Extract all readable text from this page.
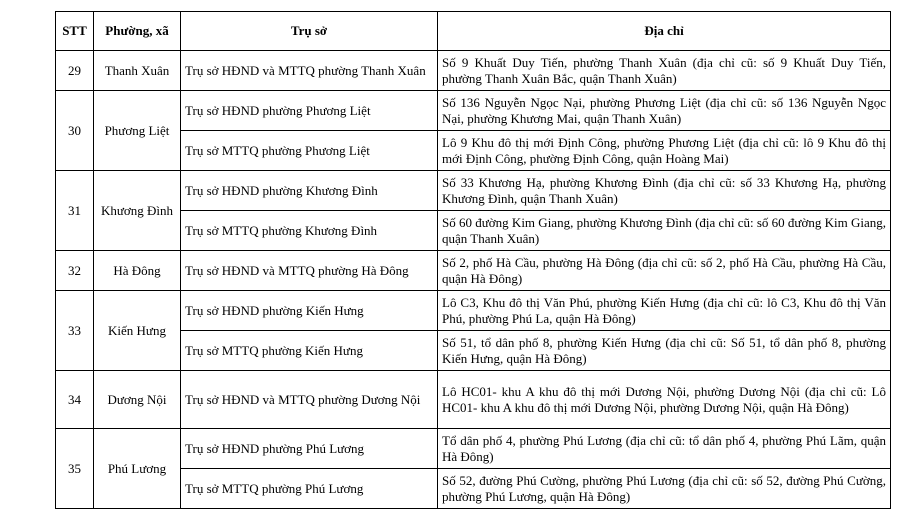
STT	Phường, xã	Trụ sở	Địa chỉ
29	Thanh Xuân	Trụ sở HĐND và MTTQ phường Thanh Xuân	Số 9 Khuất Duy Tiến, phường Thanh Xuân (địa chỉ cũ: số 9 Khuất Duy Tiến, phường Thanh Xuân Bắc, quận Thanh Xuân)
30	Phương Liệt	Trụ sở HĐND phường Phương Liệt	Số 136 Nguyễn Ngọc Nại, phường Phương Liệt (địa chỉ cũ: số 136 Nguyễn Ngọc Nại, phường Khương Mai, quận Thanh Xuân)
		Trụ sở MTTQ phường Phương Liệt	Lô 9 Khu đô thị mới Định Công, phường Phương Liệt (địa chỉ cũ: lô 9 Khu đô thị mới Định Công, phường Định Công, quận Hoàng Mai)
31	Khương Đình	Trụ sở HĐND phường Khương Đình	Số 33 Khương Hạ, phường Khương Đình (địa chỉ cũ: số 33 Khương Hạ, phường Khương Đình, quận Thanh Xuân)
		Trụ sở MTTQ phường Khương Đình	Số 60 đường Kim Giang, phường Khương Đình (địa chỉ cũ: số 60 đường Kim Giang, quận Thanh Xuân)
32	Hà Đông	Trụ sở HĐND và MTTQ phường Hà Đông	Số 2, phố Hà Cầu, phường Hà Đông (địa chỉ cũ: số 2, phố Hà Cầu, phường Hà Cầu, quận Hà Đông)
33	Kiến Hưng	Trụ sở HĐND phường Kiến Hưng	Lô C3, Khu đô thị Văn Phú, phường Kiến Hưng (địa chỉ cũ: lô C3, Khu đô thị Văn Phú, phường Phú La, quận Hà Đông)
		Trụ sở MTTQ phường Kiến Hưng	Số 51, tổ dân phố 8, phường Kiến Hưng (địa chỉ cũ: Số 51, tổ dân phố 8, phường Kiến Hưng, quận Hà Đông)
34	Dương Nội	Trụ sở HĐND và MTTQ phường Dương Nội	Lô HC01- khu A khu đô thị mới Dương Nội, phường Dương Nội (địa chỉ cũ: Lô HC01- khu A khu đô thị mới Dương Nội, phường Dương Nội, quận Hà Đông)
35	Phú Lương	Trụ sở HĐND phường Phú Lương	Tổ dân phố 4, phường Phú Lương (địa chỉ cũ: tổ dân phố 4, phường Phú Lãm, quận Hà Đông)
		Trụ sở MTTQ phường Phú Lương	Số 52, đường Phú Cường, phường Phú Lương (địa chỉ cũ: số 52, đường Phú Cường, phường Phú Lương, quận Hà Đông)
